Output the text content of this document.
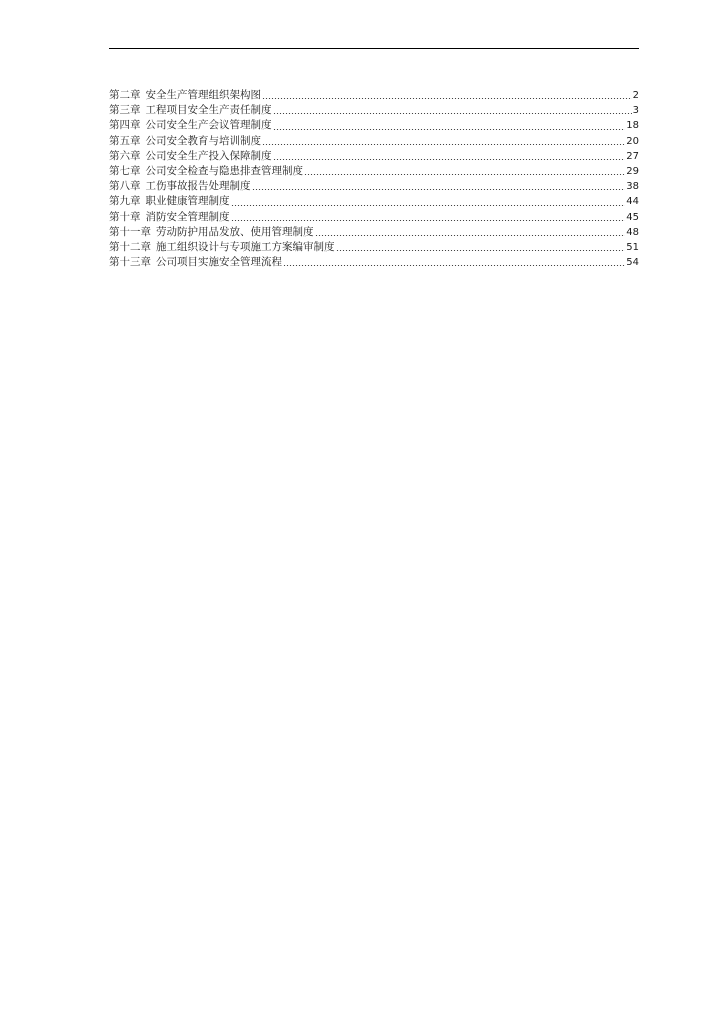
第二章 安全生产管理组织架构图	2
第三章 工程项目安全生产责任制度	3
第四章 公司安全生产会议管理制度	18
第五章 公司安全教育与培训制度	20
第六章 公司安全生产投入保障制度	27
第七章 公司安全检查与隐患排查管理制度	29
第八章 工伤事故报告处理制度	38
第九章 职业健康管理制度	44
第十章 消防安全管理制度	45
第十一章 劳动防护用品发放、使用管理制度	48
第十二章 施工组织设计与专项施工方案编审制度	51
第十三章 公司项目实施安全管理流程	54
